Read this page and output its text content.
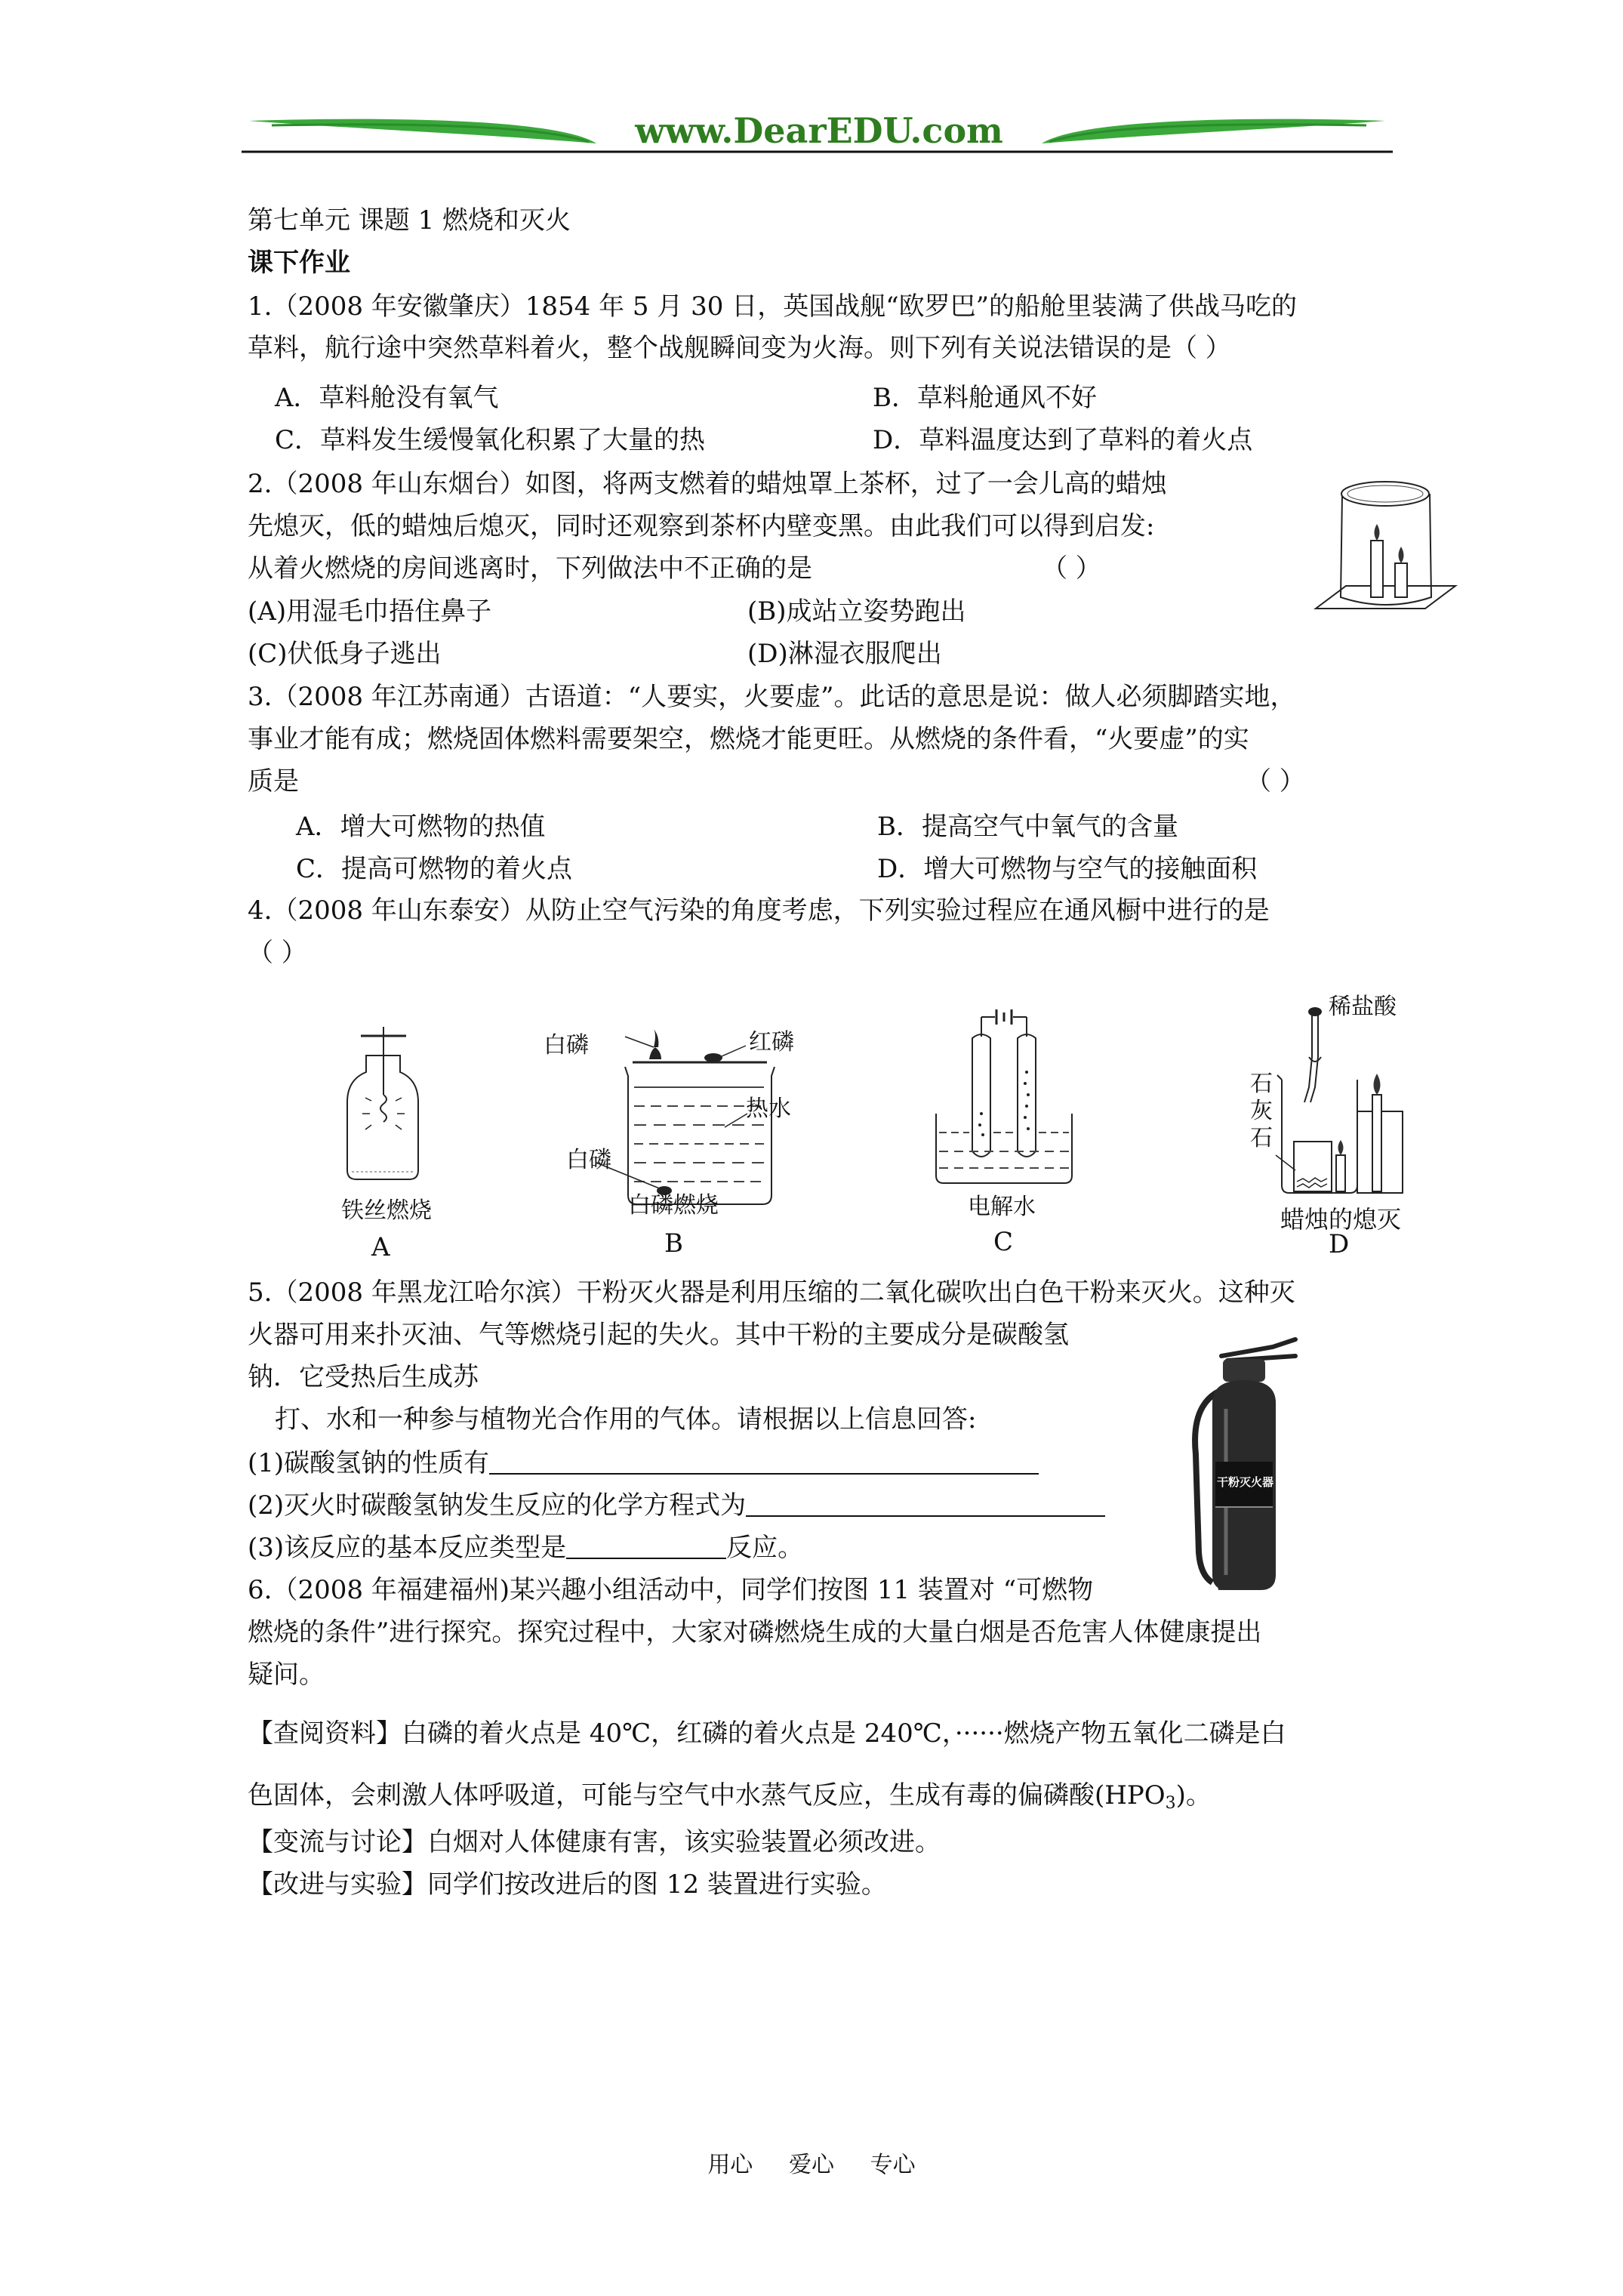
www.DearEDU.com
第七单元 课题 1 燃烧和灭火
课下作业
1.（2008 年安徽肇庆）1854 年 5 月 30 日，英国战舰“欧罗巴”的船舱里装满了供战马吃的
草料，航行途中突然草料着火，整个战舰瞬间变为火海。则下列有关说法错误的是（ ）
A．草料舱没有氧气	B．草料舱通风不好
C．草料发生缓慢氧化积累了大量的热	D．草料温度达到了草料的着火点
2.（2008 年山东烟台）如图，将两支燃着的蜡烛罩上茶杯，过了一会儿高的蜡烛
先熄灭，低的蜡烛后熄灭，同时还观察到茶杯内壁变黑。由此我们可以得到启发:
从着火燃烧的房间逃离时，下列做法中不正确的是	（ ）
(A)用湿毛巾捂住鼻子	(B)成站立姿势跑出
(C)伏低身子逃出	(D)淋湿衣服爬出
3.（2008 年江苏南通）古语道：“人要实，火要虚”。此话的意思是说：做人必须脚踏实地，
事业才能有成；燃烧固体燃料需要架空，燃烧才能更旺。从燃烧的条件看，“火要虚”的实
质是	（ ）
A．增大可燃物的热值	B．提高空气中氧气的含量
C．提高可燃物的着火点	D．增大可燃物与空气的接触面积
4.（2008 年山东泰安）从防止空气污染的角度考虑，下列实验过程应在通风橱中进行的是
（ ）
铁丝燃烧
A
白磷	红磷
热水
白磷
白磷燃烧
B
电解水
C
稀盐酸
石
灰
石
蜡烛的熄灭
D
5.（2008 年黑龙江哈尔滨）干粉灭火器是利用压缩的二氧化碳吹出白色干粉来灭火。这种灭
火器可用来扑灭油、气等燃烧引起的失火。其中干粉的主要成分是碳酸氢
钠．它受热后生成苏
打、水和一种参与植物光合作用的气体。请根据以上信息回答:
(1)碳酸氢钠的性质有
(2)灭火时碳酸氢钠发生反应的化学方程式为
(3)该反应的基本反应类型是	反应。
干粉灭火器
6.（2008 年福建福州)某兴趣小组活动中，同学们按图 11 装置对 “可燃物
燃烧的条件”进行探究。探究过程中，大家对磷燃烧生成的大量白烟是否危害人体健康提出
疑问。
【查阅资料】白磷的着火点是 40℃，红磷的着火点是 240℃，······燃烧产物五氧化二磷是白
色固体，会刺激人体呼吸道，可能与空气中水蒸气反应，生成有毒的偏磷酸$(HPO_3)$。
【变流与讨论】白烟对人体健康有害，该实验装置必须改进。
【改进与实验】同学们按改进后的图 12 装置进行实验。
用心     爱心     专心
